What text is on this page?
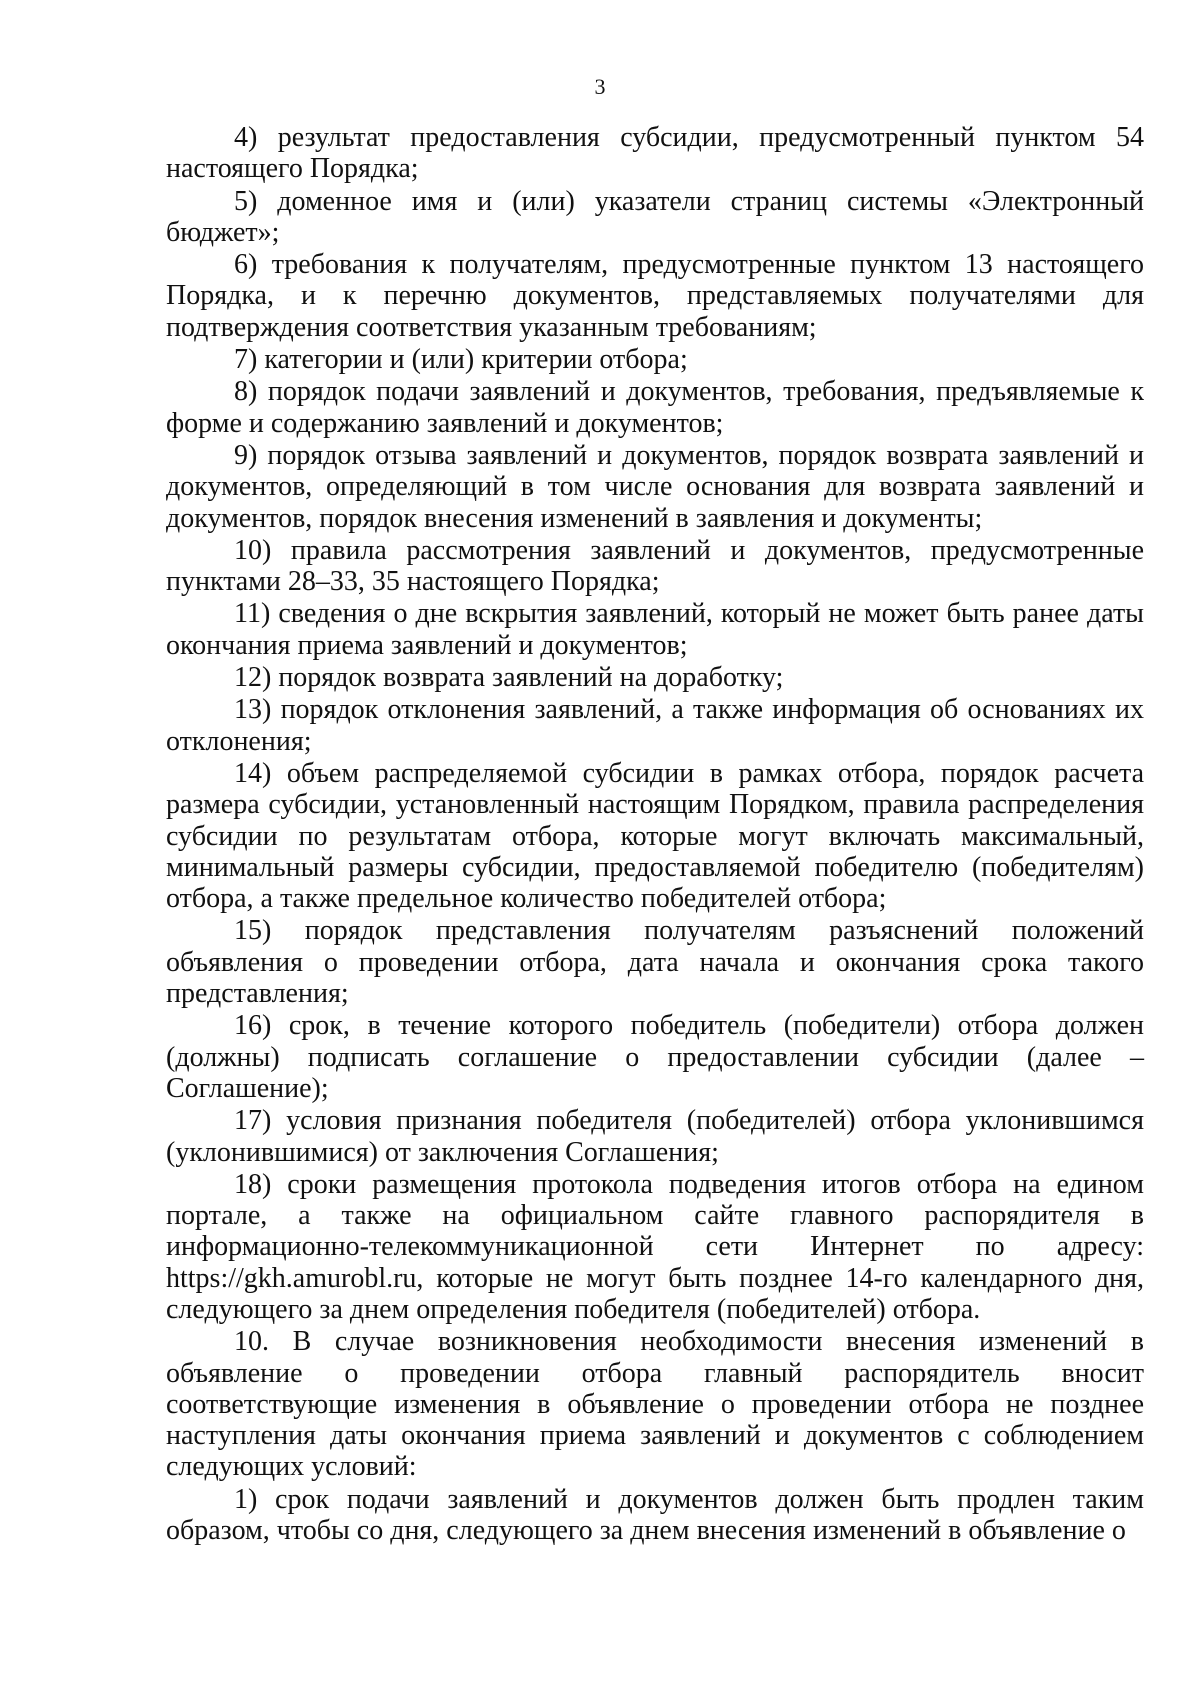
3

4) результат предоставления субсидии, предусмотренный пунктом 54 настоящего Порядка;

5) доменное имя и (или) указатели страниц системы «Электронный бюджет»;

6) требования к получателям, предусмотренные пунктом 13 настоящего Порядка, и к перечню документов, представляемых получателями для подтверждения соответствия указанным требованиям;

7) категории и (или) критерии отбора;

8) порядок подачи заявлений и документов, требования, предъявляемые к форме и содержанию заявлений и документов;

9) порядок отзыва заявлений и документов, порядок возврата заявлений и документов, определяющий в том числе основания для возврата заявлений и документов, порядок внесения изменений в заявления и документы;

10) правила рассмотрения заявлений и документов, предусмотренные пунктами 28–33, 35 настоящего Порядка;

11) сведения о дне вскрытия заявлений, который не может быть ранее даты окончания приема заявлений и документов;

12) порядок возврата заявлений на доработку;

13) порядок отклонения заявлений, а также информация об основаниях их отклонения;

14) объем распределяемой субсидии в рамках отбора, порядок расчета размера субсидии, установленный настоящим Порядком, правила распределения субсидии по результатам отбора, которые могут включать максимальный, минимальный размеры субсидии, предоставляемой победителю (победителям) отбора, а также предельное количество победителей отбора;

15) порядок представления получателям разъяснений положений объявления о проведении отбора, дата начала и окончания срока такого представления;

16) срок, в течение которого победитель (победители) отбора должен (должны) подписать соглашение о предоставлении субсидии (далее – Соглашение);

17) условия признания победителя (победителей) отбора уклонившимся (уклонившимися) от заключения Соглашения;

18) сроки размещения протокола подведения итогов отбора на едином портале, а также на официальном сайте главного распорядителя в информационно-телекоммуникационной сети Интернет по адресу: https://gkh.amurobl.ru, которые не могут быть позднее 14-го календарного дня, следующего за днем определения победителя (победителей) отбора.

10. В случае возникновения необходимости внесения изменений в объявление о проведении отбора главный распорядитель вносит соответствующие изменения в объявление о проведении отбора не позднее наступления даты окончания приема заявлений и документов с соблюдением следующих условий:

1) срок подачи заявлений и документов должен быть продлен таким образом, чтобы со дня, следующего за днем внесения изменений в объявление о
